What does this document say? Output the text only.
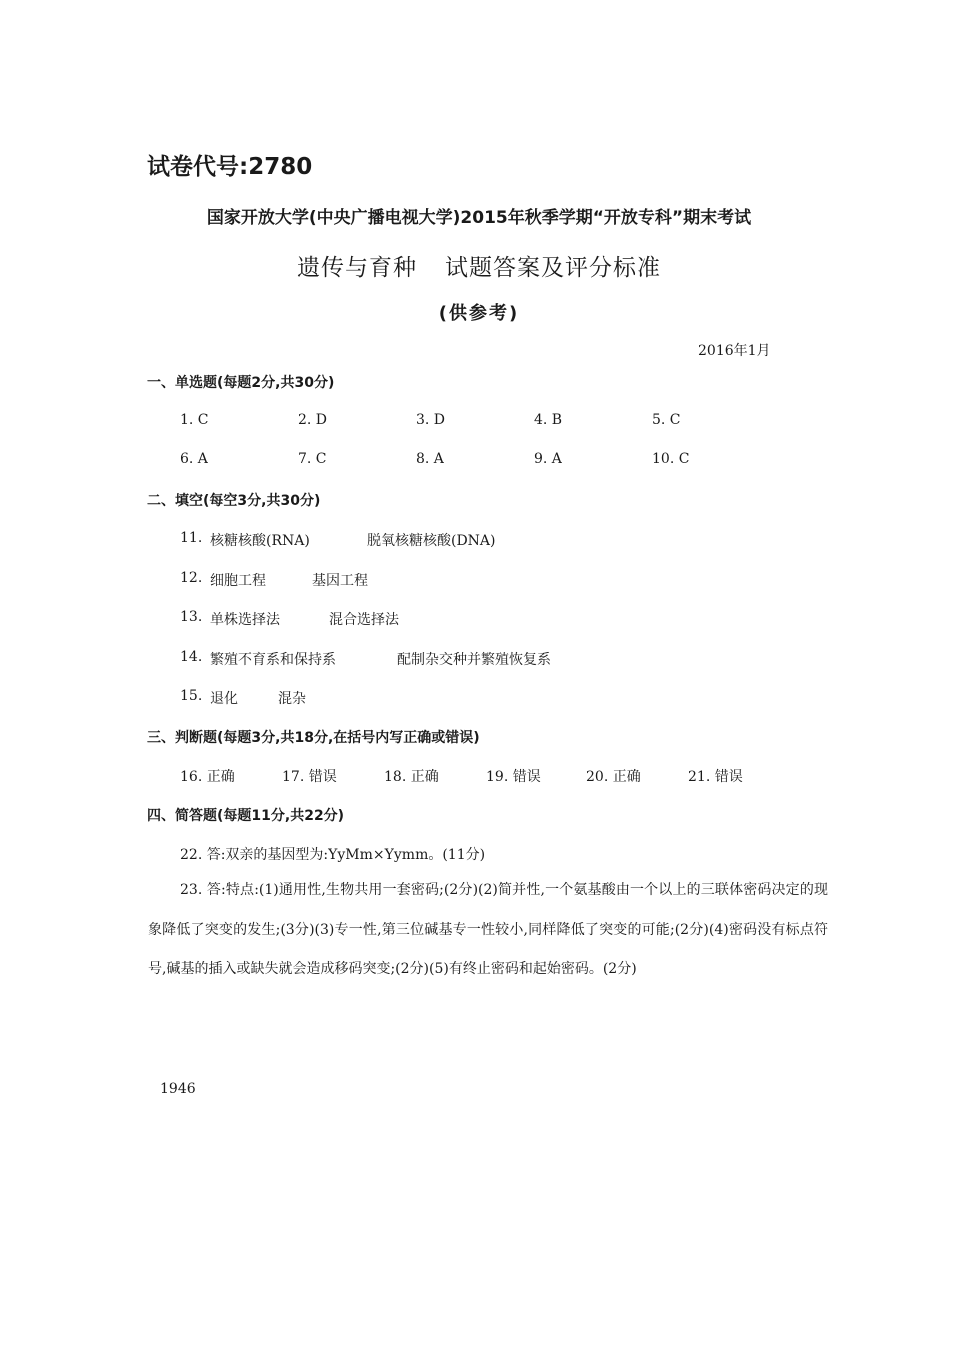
试卷代号:2780
国家开放大学(中央广播电视大学)2015年秋季学期“开放专科”期末考试
遗传与育种 试题答案及评分标准
(供参考)
2016年1月
一、单选题(每题2分,共30分)
1. C	2. D	3. D	4. B	5. C
6. A	7. C	8. A	9. A	10. C
二、填空(每空3分,共30分)
11. 核糖核酸(RNA)	脱氧核糖核酸(DNA)
12. 细胞工程	基因工程
13. 单株选择法	混合选择法
14. 繁殖不育系和保持系	配制杂交种并繁殖恢复系
15. 退化	混杂
三、判断题(每题3分,共18分,在括号内写正确或错误)
16. 正确	17. 错误	18. 正确	19. 错误	20. 正确	21. 错误
四、简答题(每题11分,共22分)
22. 答:双亲的基因型为:YyMm×Yymm。(11分)
23. 答:特点:(1)通用性,生物共用一套密码;(2分)(2)简并性,一个氨基酸由一个以上的三联体密码决定的现象降低了突变的发生;(3分)(3)专一性,第三位碱基专一性较小,同样降低了突变的可能;(2分)(4)密码没有标点符号,碱基的插入或缺失就会造成移码突变;(2分)(5)有终止密码和起始密码。(2分)
1946
